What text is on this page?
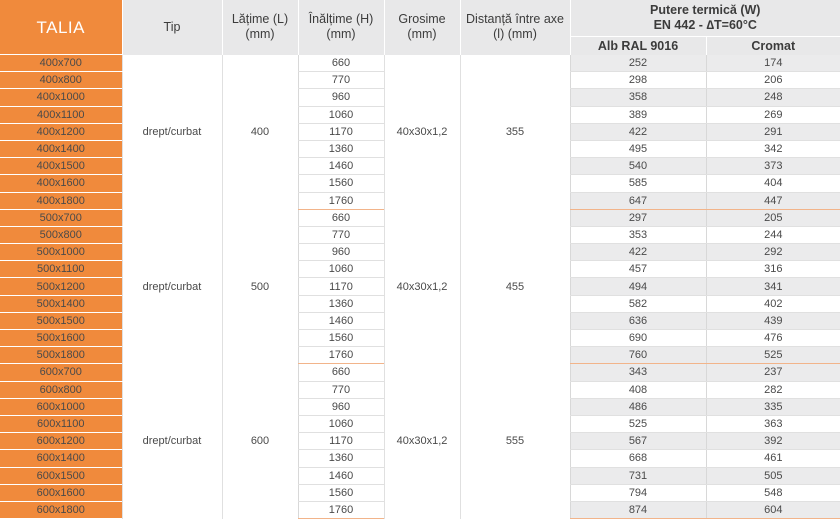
TALIA	Tip	Lățime (L)
(mm)	Înălțime (H)
(mm)	Grosime
(mm)	Distanță între axe
(l) (mm)	Putere termică (W)
EN 442 - ∆T=60°C	
						Alb RAL 9016	Cromat
400x700	drept/curbat	400	660	40x30x1,2	355	252	174
400x800			770			298	206
400x1000			960			358	248
400x1100			1060			389	269
400x1200			1170			422	291
400x1400			1360			495	342
400x1500			1460			540	373
400x1600			1560			585	404
400x1800			1760			647	447
500x700	drept/curbat	500	660	40x30x1,2	455	297	205
500x800			770			353	244
500x1000			960			422	292
500x1100			1060			457	316
500x1200			1170			494	341
500x1400			1360			582	402
500x1500			1460			636	439
500x1600			1560			690	476
500x1800			1760			760	525
600x700	drept/curbat	600	660	40x30x1,2	555	343	237
600x800			770			408	282
600x1000			960			486	335
600x1100			1060			525	363
600x1200			1170			567	392
600x1400			1360			668	461
600x1500			1460			731	505
600x1600			1560			794	548
600x1800			1760			874	604
